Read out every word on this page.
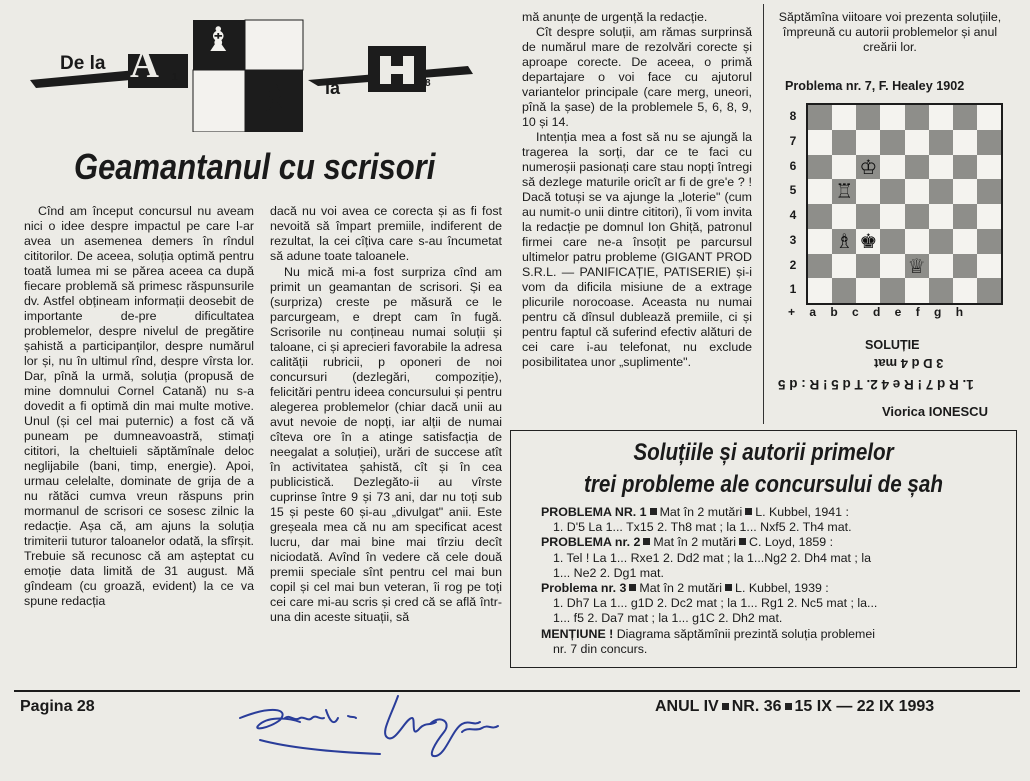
De la A 1
la	8
♝
♗
Geamantanul cu scrisori

Cînd am început concursul nu aveam nici o idee despre impactul pe care l-ar avea un asemenea demers în rîndul cititorilor. De aceea, soluția optimă pentru toată lumea mi se părea aceea ca după fiecare problemă să primesc răspunsurile dv. Astfel obțineam informații deosebit de importante de-pre dificultatea problemelor, despre nivelul de pregătire șahistă a participanților, despre numărul lor și, nu în ultimul rînd, despre vîrsta lor. Dar, pînă la urmă, soluția (propusă de mine domnului Cornel Catană) nu s-a dovedit a fi optimă din mai multe motive. Unul (și cel mai puternic) a fost că vă puneam pe dumneavoastră, stimați cititori, la cheltuieli săptămînale deloc neglijabile (bani, timp, energie). Apoi, urmau celelalte, dominate de grija de a nu rătăci cumva vreun răspuns prin mormanul de scrisori ce sosesc zilnic la redacție. Așa că, am ajuns la soluția trimiterii tuturor taloanelor odată, la sfîrșit. Trebuie să recunosc că am așteptat cu emoție data limită de 31 august. Mă gîndeam (cu groază, evident) la ce va spune redacția

dacă nu voi avea ce corecta și as fi fost nevoită să împart premiile, indiferent de rezultat, la cei cîțiva care s-au încumetat să adune toate taloanele.

Nu mică mi-a fost surpriza cînd am primit un geamantan de scrisori. Și ea (surpriza) creste pe măsură ce le parcurgeam, e drept cam în fugă. Scrisorile nu conțineau numai soluții și taloane, ci și aprecieri favorabile la adresa calității rubricii, p oponeri de noi concursuri (dezlegări, compoziție), felicitări pentru ideea concursului și pentru alegerea problemelor (chiar dacă unii au avut nevoie de nopți, iar alții de numai cîteva ore în a atinge satisfacția de neegalat a soluției), urări de succese atît în activitatea șahistă, cît și în cea publicistică. Dezlegăto-ii au vîrste cuprinse între 9 și 73 ani, dar nu toți sub 15 și peste 60 și-au „divulgat" anii. Este greșeala mea că nu am specificat acest lucru, dar mai bine mai tîrziu decît niciodată. Avînd în vedere că cele două premii speciale sînt pentru cel mai bun copil și cel mai bun veteran, îi rog pe toți cei care mi-au scris și cred că se află într-una din aceste situații, să

mă anunțe de urgență la redacție.

Cît despre soluții, am rămas surprinsă de numărul mare de rezolvări corecte și aproape corecte. De aceea, o primă departajare o voi face cu ajutorul variantelor principale (care merg, uneori, pînă la șase) de la problemele 5, 6, 8, 9, 10 și 14.

Intenția mea a fost să nu se ajungă la tragerea la sorți, dar ce te faci cu numeroșii pasionați care stau nopți întregi să dezlege maturile oricît ar fi de gre'e ? ! Dacă totuși se va ajunge la „loterie" (cum au numit-o unii dintre cititori), îi vom invita la redacție pe domnul Ion Ghiță, patronul firmei care ne-a însoțit pe parcursul ultimelor patru probleme (GIGANT PROD S.R.L. — PANIFICAȚIE, PATISERIE) și-i vom da dificila misiune de a extrage plicurile norocoase. Aceasta nu numai pentru că dînsul dublează premiile, ci și pentru faptul că suferind efectiv alături de cei care i-au telefonat, nu exclude posibilitatea unor „suplimente".

Săptămîna viitoare voi prezenta soluțiile, împreună cu autorii problemelor și anul creării lor.
Problema nr. 7, F. Healey 1902
♔
♖
♗ ♚
♕
8
7
6
5
4
3
2
1
+ a b c d e f g h
SOLUȚIE
3 D d 4 mat
1. R d 7 ! R e 4 2. T d 5 ! R : d 5
Viorica IONESCU
Soluțiile și autorii primelor
trei probleme ale concursului de șah
PROBLEMA NR. 1 Mat în 2 mutări L. Kubbel, 1941 :
1. D'5 La 1... Tx15 2. Th8 mat ; la 1... Nxf5 2. Th4 mat.
PROBLEMA nr. 2 Mat în 2 mutări C. Loyd, 1859 :
1. Tel ! La 1... Rxe1 2. Dd2 mat ; la 1...Ng2 2. Dh4 mat ; la
1... Ne2 2. Dg1 mat.
Problema nr. 3 Mat în 2 mutări L. Kubbel, 1939 :
1. Dh7 La 1... g1D 2. Dc2 mat ; la 1... Rg1 2. Nc5 mat ; la...
1... f5 2. Da7 mat ; la 1... g1C 2. Dh2 mat.
MENȚIUNE ! Diagrama săptămînii prezintă soluția problemei
nr. 7 din concurs.
Pagina 28	ANUL IV NR. 36 15 IX — 22 IX 1993
